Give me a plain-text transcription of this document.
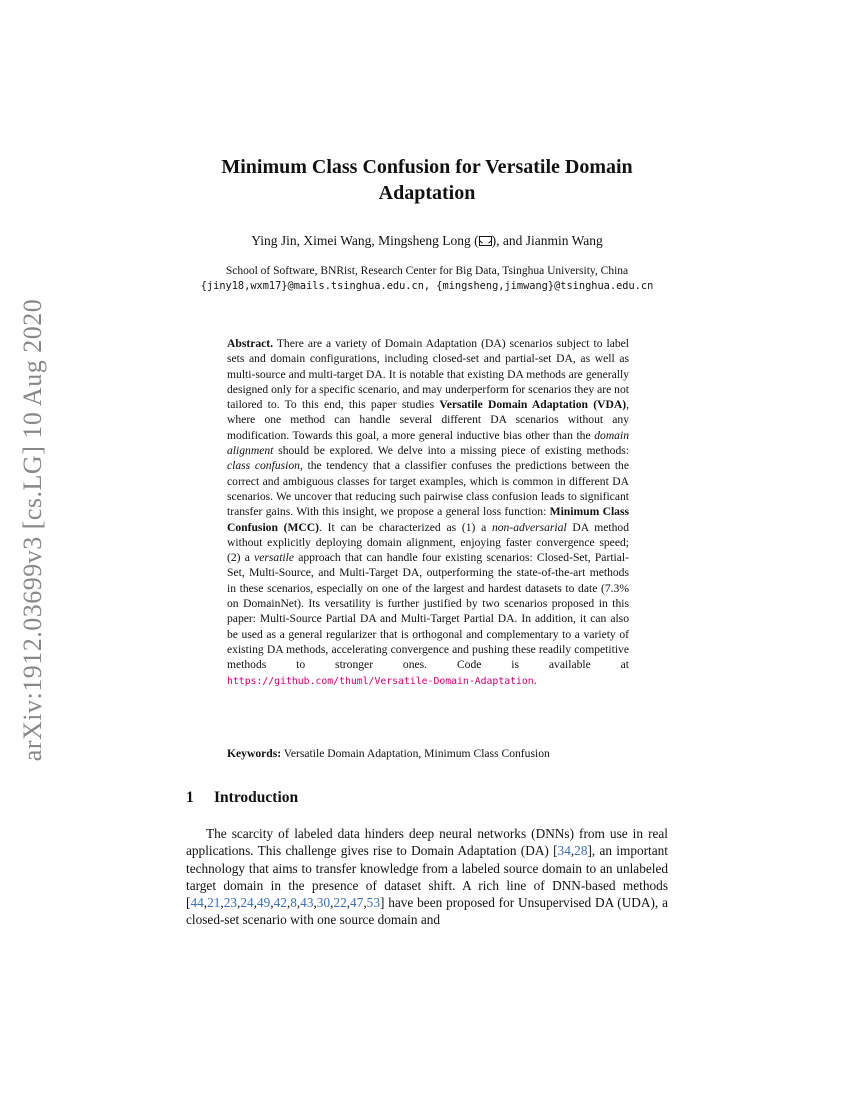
arXiv:1912.03699v3 [cs.LG] 10 Aug 2020
Minimum Class Confusion for Versatile Domain Adaptation
Ying Jin, Ximei Wang, Mingsheng Long ( ), and Jianmin Wang
School of Software, BNRist, Research Center for Big Data, Tsinghua University, China
{jiny18,wxm17}@mails.tsinghua.edu.cn, {mingsheng,jimwang}@tsinghua.edu.cn
Abstract. There are a variety of Domain Adaptation (DA) scenarios subject to label sets and domain configurations, including closed-set and partial-set DA, as well as multi-source and multi-target DA. It is notable that existing DA methods are generally designed only for a specific scenario, and may underperform for scenarios they are not tailored to. To this end, this paper studies Versatile Domain Adaptation (VDA), where one method can handle several different DA scenarios without any modification. Towards this goal, a more general inductive bias other than the domain alignment should be explored. We delve into a missing piece of existing methods: class confusion, the tendency that a classifier confuses the predictions between the correct and ambiguous classes for target examples, which is common in different DA scenarios. We uncover that reducing such pairwise class confusion leads to significant transfer gains. With this insight, we propose a general loss function: Minimum Class Confusion (MCC). It can be characterized as (1) a non-adversarial DA method without explicitly deploying domain alignment, enjoying faster convergence speed; (2) a versatile approach that can handle four existing scenarios: Closed-Set, Partial-Set, Multi-Source, and Multi-Target DA, outperforming the state-of-the-art methods in these scenarios, especially on one of the largest and hardest datasets to date (7.3% on DomainNet). Its versatility is further justified by two scenarios proposed in this paper: Multi-Source Partial DA and Multi-Target Partial DA. In addition, it can also be used as a general regularizer that is orthogonal and complementary to a variety of existing DA methods, accelerating convergence and pushing these readily competitive methods to stronger ones. Code is available at https://github.com/thuml/Versatile-Domain-Adaptation.
Keywords: Versatile Domain Adaptation, Minimum Class Confusion
1 Introduction
The scarcity of labeled data hinders deep neural networks (DNNs) from use in real applications. This challenge gives rise to Domain Adaptation (DA) [34,28], an important technology that aims to transfer knowledge from a labeled source domain to an unlabeled target domain in the presence of dataset shift. A rich line of DNN-based methods [44,21,23,24,49,42,8,43,30,22,47,53] have been proposed for Unsupervised DA (UDA), a closed-set scenario with one source domain and
